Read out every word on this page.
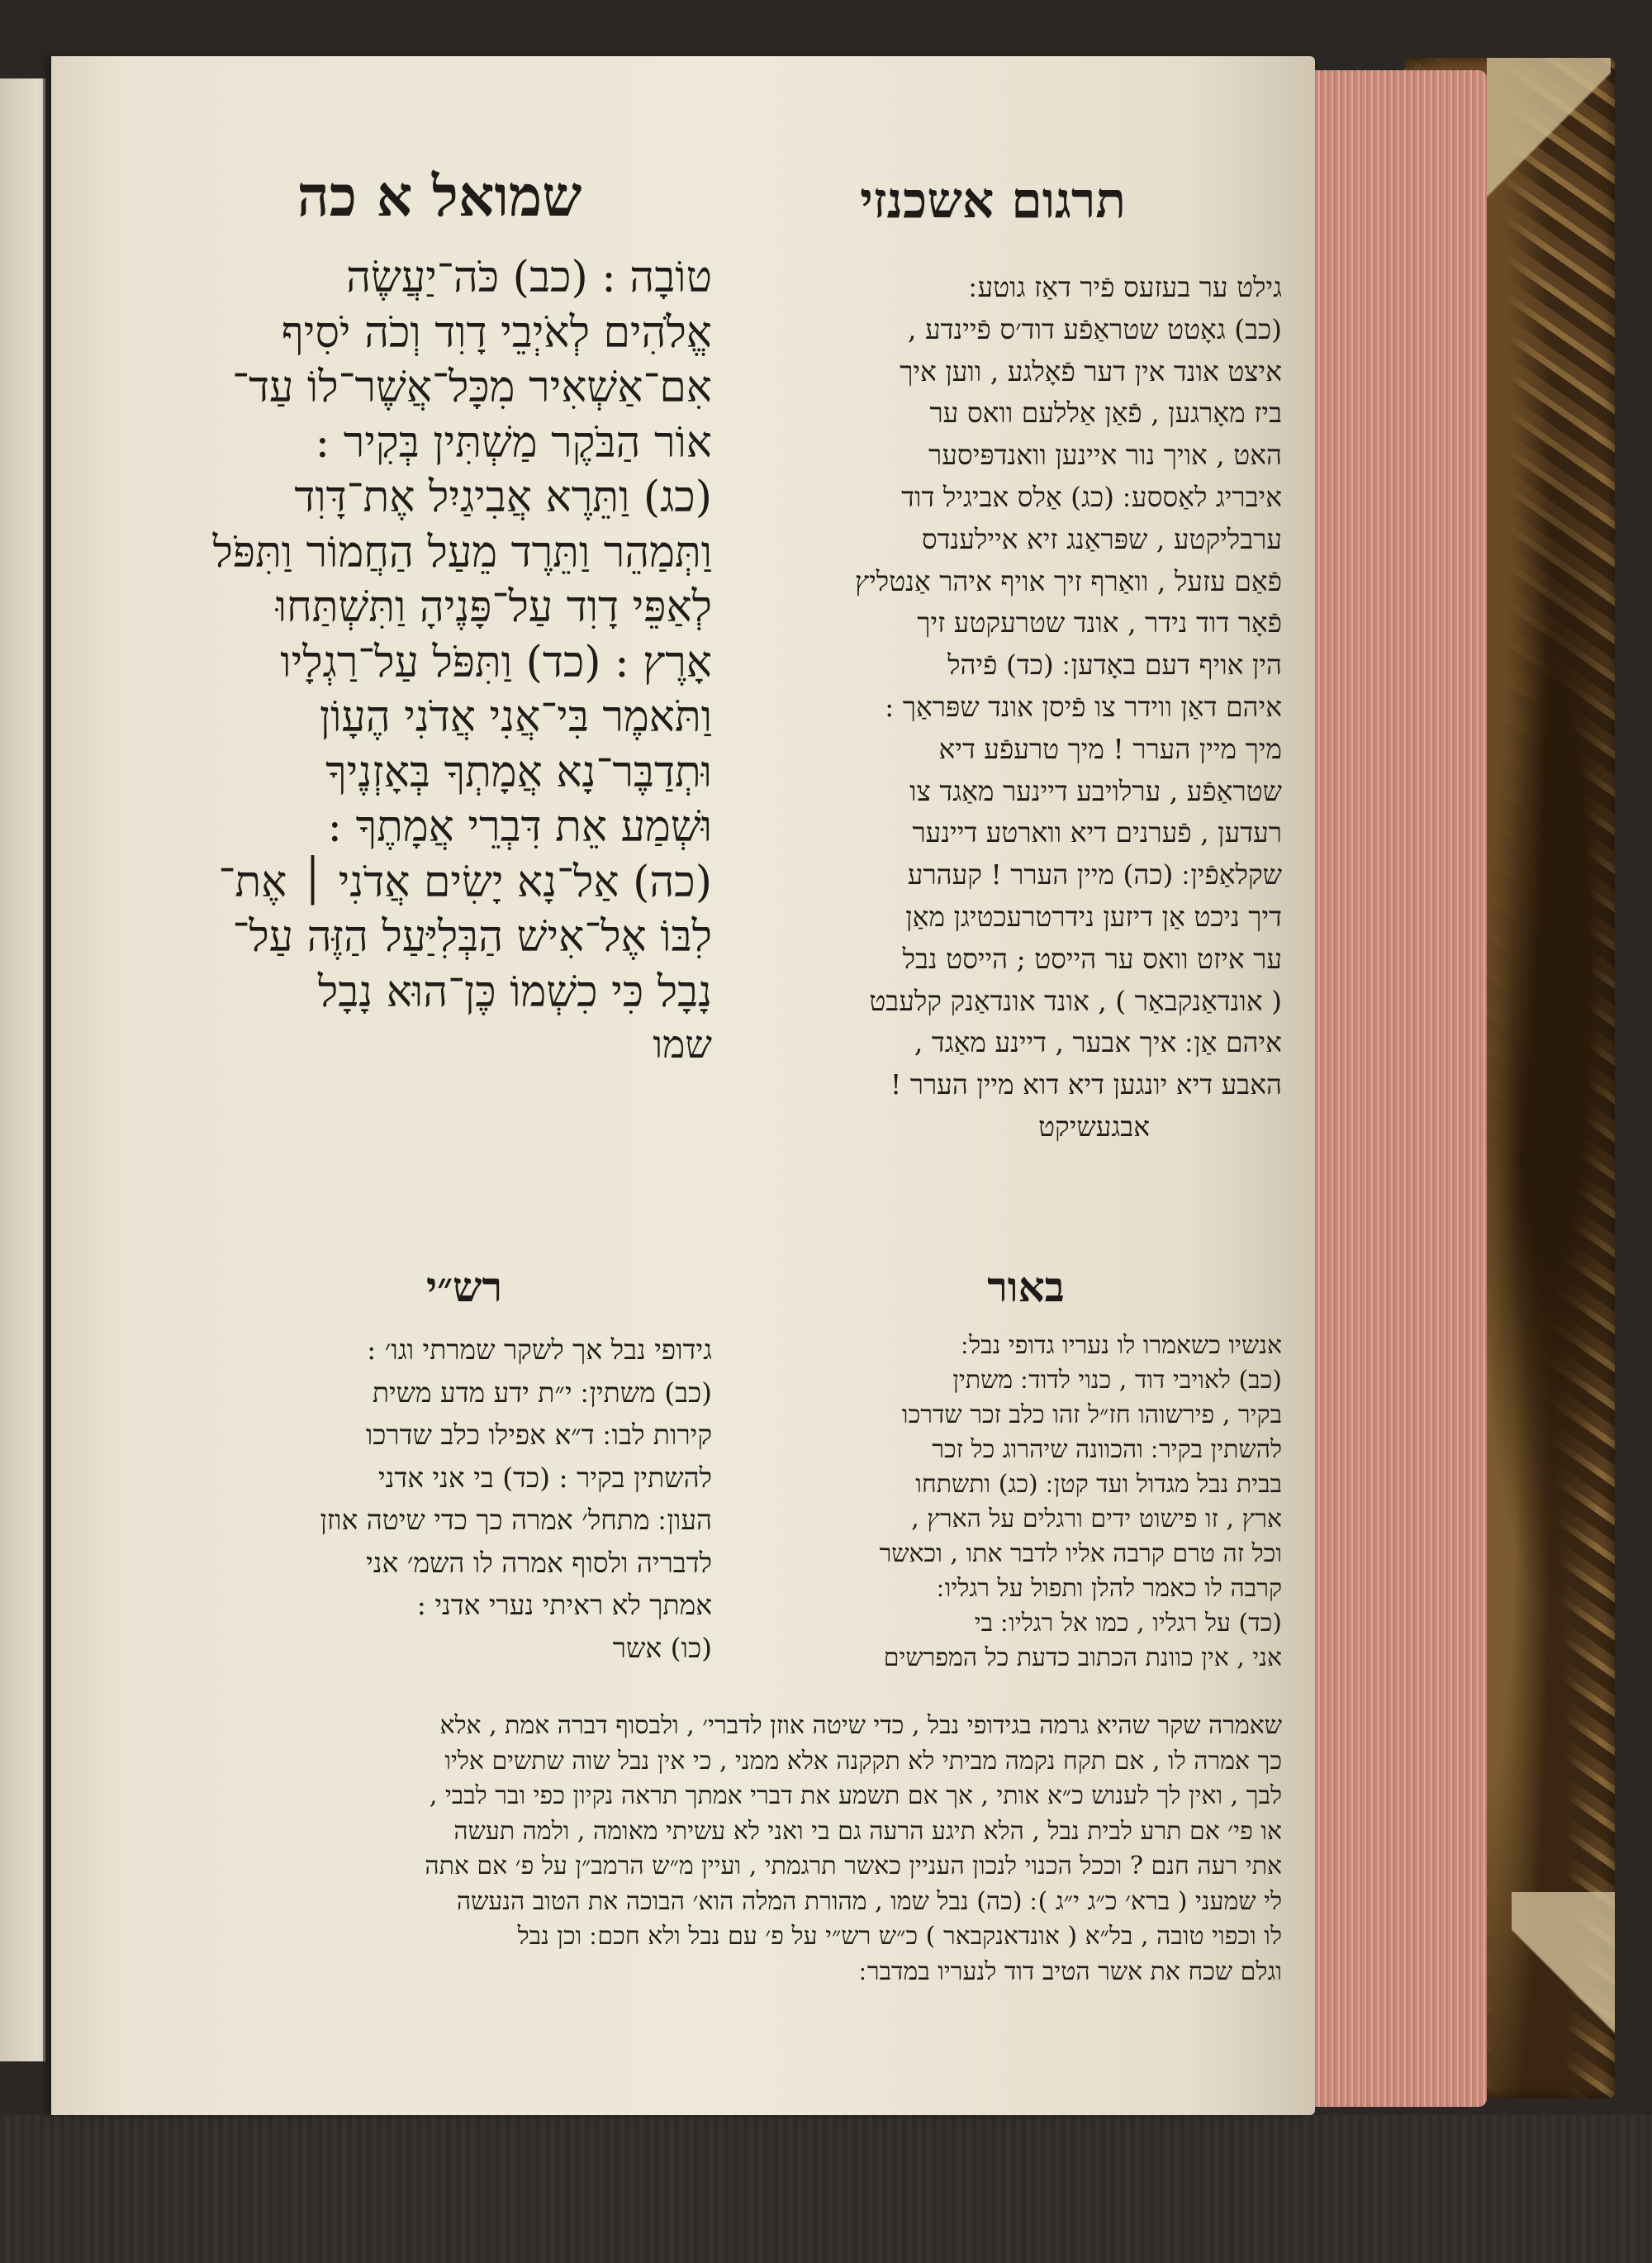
שמואל א כה	תרגום אשכנזי
טוֹבָה : (כב) כֹּה־יַעֲשֶׂה
אֱלֹהִים לְאֹיְבֵי דָוִד וְכֹה יֹסִיף
אִם־אַשְׁאִיר מִכָּל־אֲשֶׁר־לוֹ עַד־
אוֹר הַבֹּקֶר מַשְׁתִּין בְּקִיר :
(כג) וַתֵּרֶא אֲבִיגַיִל אֶת־דָּוִד
וַתְּמַהֵר וַתֵּרֶד מֵעַל הַחֲמוֹר וַתִּפֹּל
לְאַפֵּי דָוִד עַל־פָּנֶיהָ וַתִּשְׁתַּחוּ
אָרֶץ : (כד) וַתִּפֹּל עַל־רַגְלָיו
וַתֹּאמֶר בִּי־אֲנִי אֲדֹנִי הֶעָוֹן
וּתְדַבֶּר־נָא אֲמָתְךָ בְּאָזְנֶיךָ
וּשְׁמַע אֵת דִּבְרֵי אֲמָתֶךָ :
(כה) אַל־נָא יָשִׂים אֲדֹנִי ׀ אֶת־
לִבּוֹ אֶל־אִישׁ הַבְּלִיַּעַל הַזֶּה עַל־
נָבָל כִּי כִשְׁמוֹ כֶּן־הוּא נָבָל
שמו
גילט ער בעזעס פֿיר דאַז גוטע ׃
(כב) גאָטט שטראַפֿע דוד׳ס פֿיינדע ,
איצט אונד אין דער פֿאָלגע , ווען איך
ביז מאָרגען , פֿאַן אַללעם וואס ער
האט , אויך נור איינען וואנדפּיסער
איבריג לאַססע ׃ (כג) אַלס אביגיל דוד
ערבליקטע , שפּראַנג זיא איילענדס
פֿאַם עזעל , וואַרף זיך אויף איהר אַנטליץ
פֿאָר דוד נידר , אונד שטרעקטע זיך
הין אויף דעם באָדען ׃ (כד) פֿיהל
איהם דאַן ווידר צו פֿיסן אונד שפּראַך :
מיך מיין הערר ! מיך טרעפֿע דיא
שטראַפֿע , ערלויבע דיינער מאַגד צו
רעדען , פֿערנים דיא ווארטע דיינער
שקלאַפֿין ׃ (כה) מיין הערר ! קעהרע
דיך ניכט אַן דיזען נידרטרעכטיגן מאַן
ער איזט וואס ער הייסט ; הייסט נבל
( אונדאַנקבאַר ) , אונד אונדאַנק קלעבט
איהם אַן ׃ איך אבער , דיינע מאַגד ,
האבע דיא יונגען דיא דוא מיין הערר !
אבגעשיקט
רש״י	באור
גידופי נבל אך לשקר שמרתי וגו׳ :
(כב) משתין ׃ י״ת ידע מדע משית
קירות לבו ׃ ד״א אפילו כלב שדרכו
להשתין בקיר : (כד) בי אני אדני
העון ׃ מתחל׳ אמרה כך כדי שיטה אוזן
לדבריה ולסוף אמרה לו השמ׳ אני
אמתך לא ראיתי נערי אדני :
(כו) אשר
אנשיו כשאמרו לו נעריו גדופי נבל ׃
(כב) לאויבי דוד , כנוי לדוד ׃ משתין
בקיר , פירשוהו חז״ל זהו כלב זכר שדרכו
להשתין בקיר ׃ והכוונה שיהרוג כל זכר
בבית נבל מגדול ועד קטן ׃ (כג) ותשתחו
ארץ , זו פישוט ידים ורגלים על הארץ ,
וכל זה טרם קרבה אליו לדבר אתו , וכאשר
קרבה לו כאמר להלן ותפול על רגליו ׃
(כד) על רגליו , כמו אל רגליו ׃ בי
אני , אין כוונת הכתוב כדעת כל המפרשים
שאמרה שקר שהיא גרמה בגידופי נבל , כדי שיטה אוזן לדברי׳ , ולבסוף דברה אמת , אלא
כך אמרה לו , אם תקח נקמה מביתי לא תקקנה אלא ממני , כי אין נבל שוה שתשים אליו
לבך , ואין לך לענוש כ״א אותי , אך אם תשמע את דברי אמתך תראה נקיון כפי ובר לבבי ,
או פי׳ אם תרע לבית נבל , הלא תיגע הרעה גם בי ואני לא עשיתי מאומה , ולמה תעשה
אתי רעה חנם ? וככל הכנוי לנכון העניין כאשר תרגמתי , ועיין מ״ש הרמב״ן על פ׳ אם אתה
לי שמעני ( ברא׳ כ״ג י״ג ) ׃ (כה) נבל שמו , מהורת המלה הוא׳ הבוכה את הטוב הנעשה
לו וכפוי טובה , בל״א ( אונדאנקבאר ) כ״ש רש״י על פ׳ עם נבל ולא חכם ׃ וכן נבל
וגלם שכח את אשר הטיב דוד לנעריו במדבר ׃
